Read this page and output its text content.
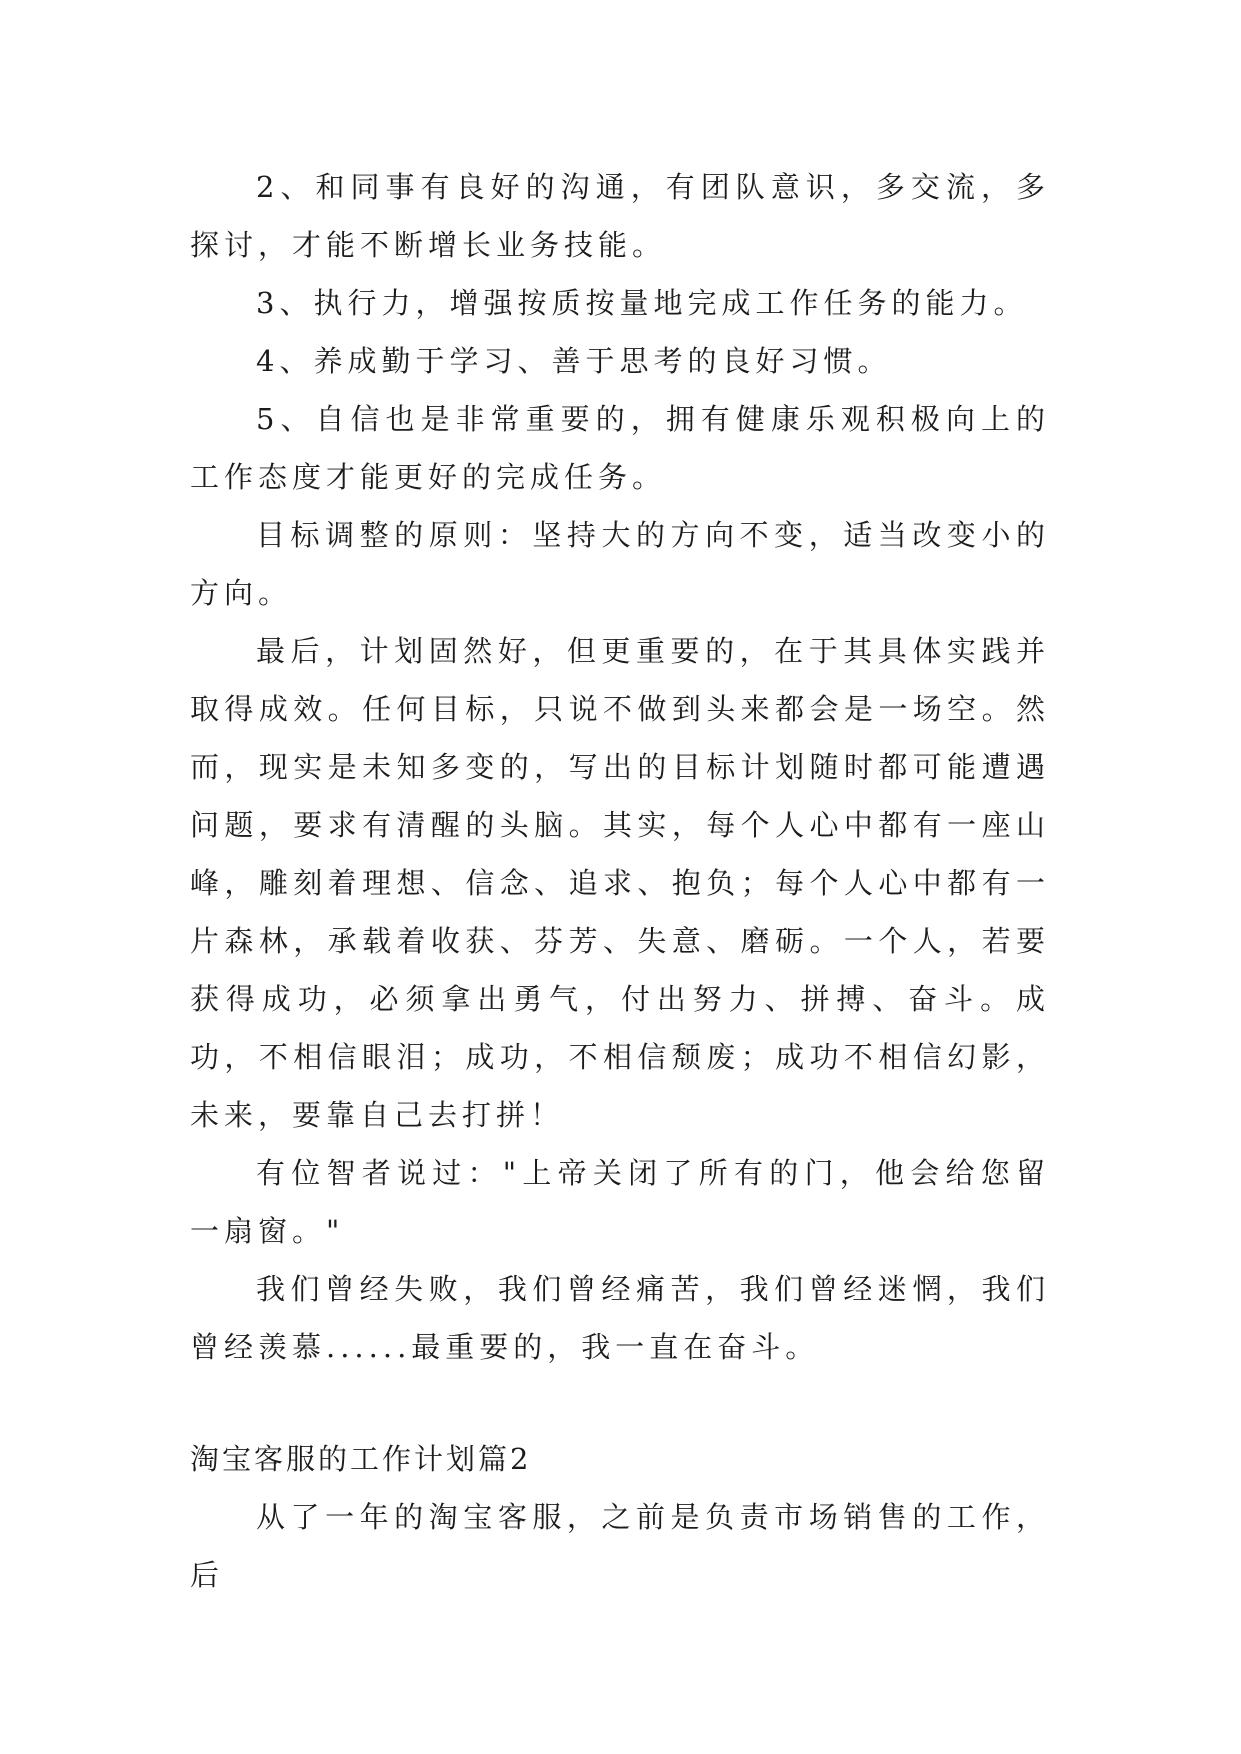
2、和同事有良好的沟通，有团队意识，多交流，多探讨，才能不断增长业务技能。

3、执行力，增强按质按量地完成工作任务的能力。

4、养成勤于学习、善于思考的良好习惯。

5、自信也是非常重要的，拥有健康乐观积极向上的工作态度才能更好的完成任务。

目标调整的原则：坚持大的方向不变，适当改变小的方向。

最后，计划固然好，但更重要的，在于其具体实践并取得成效。任何目标，只说不做到头来都会是一场空。然而，现实是未知多变的，写出的目标计划随时都可能遭遇问题，要求有清醒的头脑。其实，每个人心中都有一座山峰，雕刻着理想、信念、追求、抱负；每个人心中都有一片森林，承载着收获、芬芳、失意、磨砺。一个人，若要获得成功，必须拿出勇气，付出努力、拼搏、奋斗。成功，不相信眼泪；成功，不相信颓废；成功不相信幻影，未来，要靠自己去打拼！

有位智者说过："上帝关闭了所有的门，他会给您留一扇窗。"

我们曾经失败，我们曾经痛苦，我们曾经迷惘，我们曾经羡慕......最重要的，我一直在奋斗。

淘宝客服的工作计划篇2

从了一年的淘宝客服，之前是负责市场销售的工作，后
